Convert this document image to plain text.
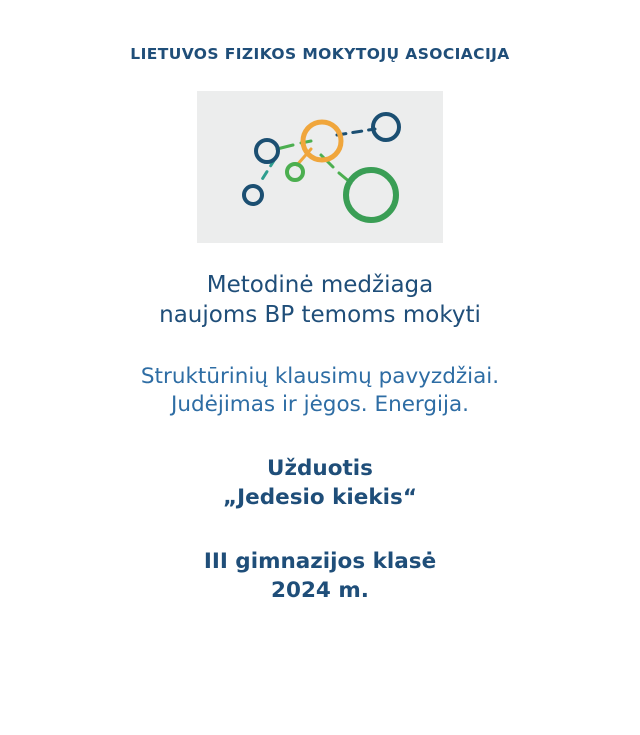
LIETUVOS FIZIKOS MOKYTOJŲ ASOCIACIJA
Metodinė medžiaga
naujoms BP temoms mokyti
Struktūrinių klausimų pavyzdžiai.
Judėjimas ir jėgos. Energija.
Užduotis
„Jedesio kiekis“
III gimnazijos klasė
2024 m.
